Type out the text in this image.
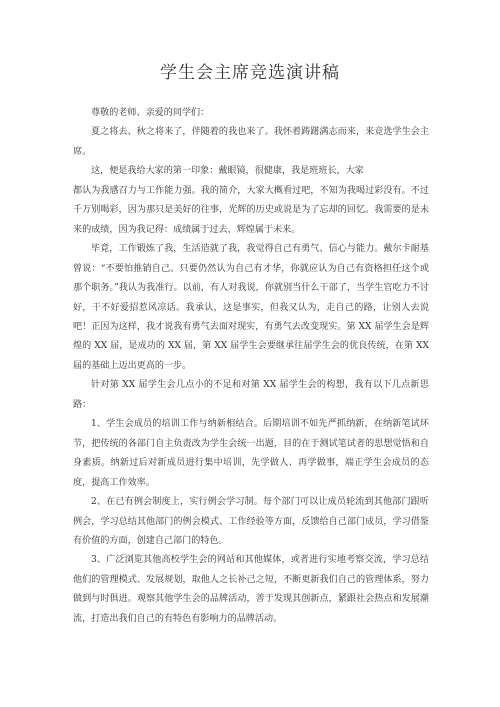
学生会主席竞选演讲稿

尊敬的老师、亲爱的同学们：

夏之将去、秋之将来了，伴随着的我也来了。我怀着踌躇满志而来，来竞选学生会主席。

这，便是我给大家的第一印象：戴眼镜，很健康，我是班班长，大家

都认为我感召力与工作能力强。我的简介，大家大概看过吧，不知为我喝过彩没有。不过千万别喝彩，因为那只是美好的往事，光辉的历史或说是为了忘却的回忆。我需要的是未来的成绩，因为我记得：成绩属于过去，辉煌属于未来。

毕竟，工作锻炼了我，生活造就了我，我觉得自己有勇气、信心与能力。戴尔卡耐基曾说：“不要怕推销自己。只要仍然认为自己有才华，你就应认为自己有资格担任这个或那个职务。”我认为我准行。以前，有人对我说，你就别当什么干部了，当学生官吃力不讨好，干不好爱招惹风凉话。我承认，这是事实，但我又认为，走自己的路，让别人去说吧！正因为这样，我才说我有勇气去面对现实，有勇气去改变现实。第 XX 届学生会是辉煌的 XX 届，是成功的 XX 届，第 XX 届学生会要继承往届学生会的优良传统，在第 XX 届的基础上迈出更高的一步。

针对第 XX 届学生会几点小的不足和对第 XX 届学生会的构想，我有以下几点新思路：

1、学生会成员的培训工作与纳新相结合。后期培训不如先严抓纳新，在纳新笔试环节，把传统的各部门自主负责改为学生会统一出题，目的在于测试笔试者的思想觉悟和自身素质。纳新过后对新成员进行集中培训，先学做人、再学做事，端正学生会成员的态度，提高工作效率。

2、在已有例会制度上，实行例会学习制。每个部门可以让成员轮流到其他部门跟听例会，学习总结其他部门的例会模式、工作经验等方面，反馈给自己部门成员，学习借鉴有价值的方面，创建自己部门的特色。

3、广泛浏览其他高校学生会的网站和其他媒体，或者进行实地考察交流，学习总结他们的管理模式、发展规划，取他人之长补己之短，不断更新我们自己的管理体系，努力做到与时俱进。观察其他学生会的品牌活动，善于发现其创新点，紧跟社会热点和发展潮流，打造出我们自己的有特色有影响力的品牌活动。
